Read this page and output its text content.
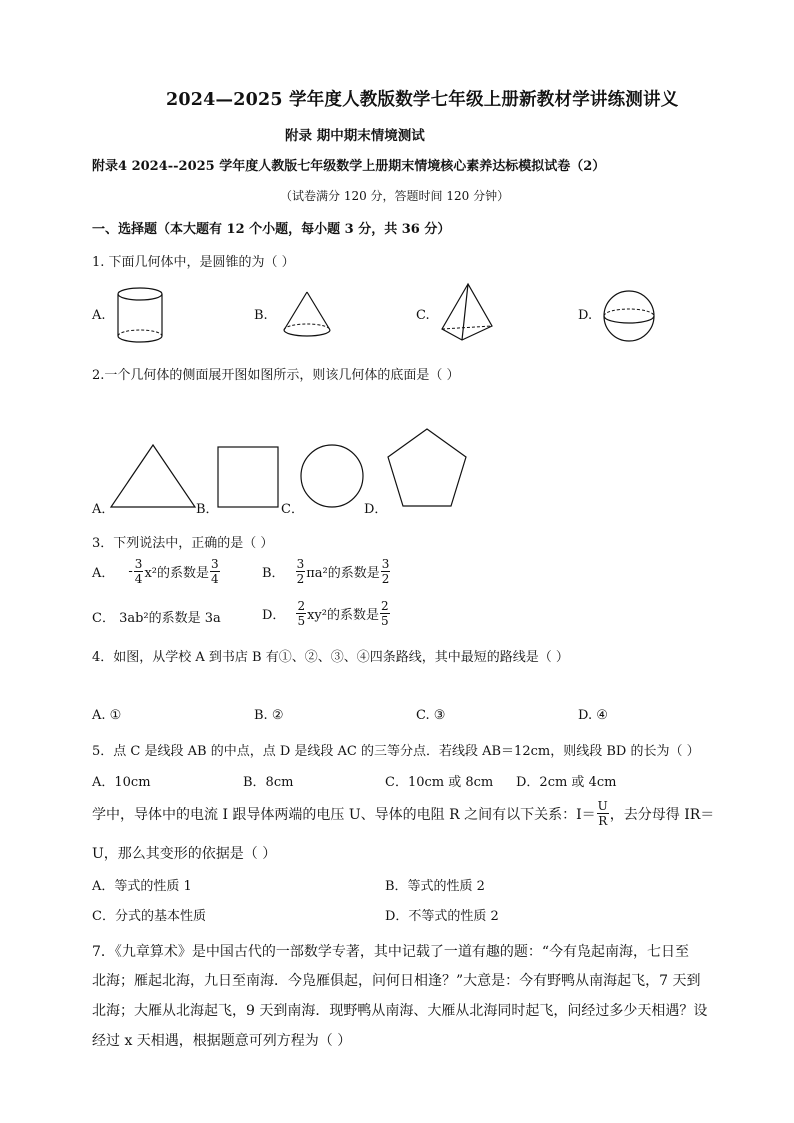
2024—2025 学年度人教版数学七年级上册新教材学讲练测讲义
附录 期中期末情境测试
附录4 2024--2025 学年度人教版七年级数学上册期末情境核心素养达标模拟试卷（2）
（试卷满分 120 分，答题时间 120 分钟）
一、选择题（本大题有 12 个小题，每小题 3 分，共 36 分）
1. 下面几何体中，是圆锥的为（ ）
A.	B.	C.	D.
2.一个几何体的侧面展开图如图所示，则该几何体的底面是（ ）
A．	B．	C．	D．
3．下列说法中，正确的是（ ）
A． - $\frac{3}{4} x^2$的系数是 $\frac{3}{4}$	B． $\frac{3}{2} \pi a^2$的系数是 $\frac{3}{2}$
C． 3ab²的系数是 3a	D． $\frac{2}{5} xy^2$的系数是 $\frac{2}{5}$
4．如图，从学校 A 到书店 B 有①、②、③、④四条路线，其中最短的路线是（ ）
A. ①	B. ②	C. ③	D. ④
5．点 C 是线段 AB 的中点，点 D 是线段 AC 的三等分点．若线段 AB＝12cm，则线段 BD 的长为（ ）
A．10cm	B．8cm	C．10cm 或 8cm D．2cm 或 4cm
学中，导体中的电流 I 跟导体两端的电压 U、导体的电阻 R 之间有以下关系：$I= \frac{U}{R}$ ，去分母得 IR＝
U，那么其变形的依据是（ ）
A．等式的性质 1	B．等式的性质 2
C．分式的基本性质	D．不等式的性质 2
7．《九章算术》是中国古代的一部数学专著，其中记载了一道有趣的题：“今有凫起南海，七日至
北海；雁起北海，九日至南海．今凫雁俱起，问何日相逢？”大意是：今有野鸭从南海起飞，7 天到
北海；大雁从北海起飞，9 天到南海．现野鸭从南海、大雁从北海同时起飞，问经过多少天相遇？设
经过 x 天相遇，根据题意可列方程为（ ）
